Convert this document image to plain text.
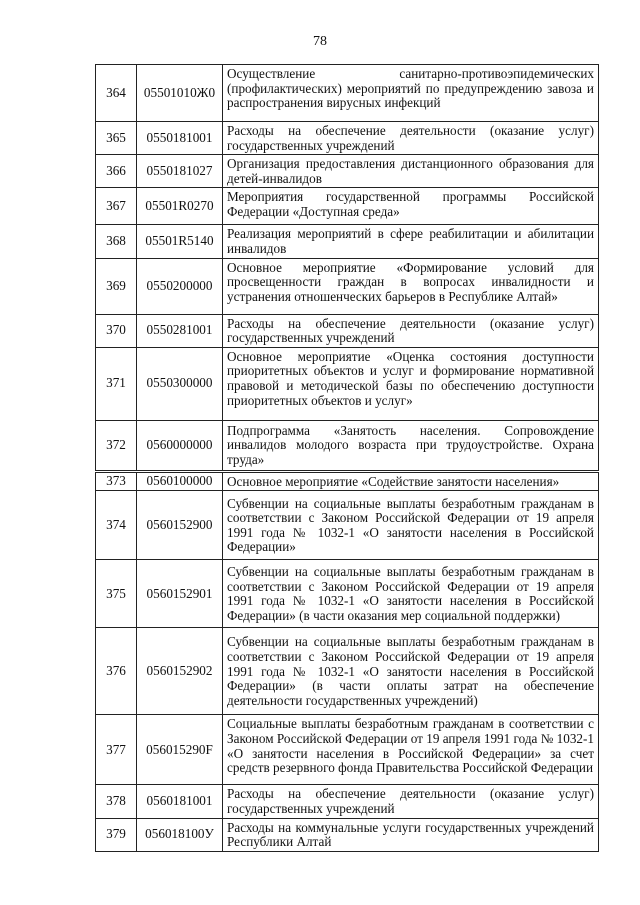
78
364	05501010Ж0	Осуществление санитарно-противоэпидемических (профилактических) мероприятий по предупреждению завоза и распространения вирусных инфекций
365	0550181001	Расходы на обеспечение деятельности (оказание услуг) государственных учреждений
366	0550181027	Организация предоставления дистанционного образования для детей-инвалидов
367	05501R0270	Мероприятия государственной программы Российской Федерации «Доступная среда»
368	05501R5140	Реализация мероприятий в сфере реабилитации и абилитации инвалидов
369	0550200000	Основное мероприятие «Формирование условий для просвещенности граждан в вопросах инвалидности и устранения отношенческих барьеров в Республике Алтай»
370	0550281001	Расходы на обеспечение деятельности (оказание услуг) государственных учреждений
371	0550300000	Основное мероприятие «Оценка состояния доступности приоритетных объектов и услуг и формирование нормативной правовой и методической базы по обеспечению доступности приоритетных объектов и услуг»
372	0560000000	Подпрограмма «Занятость населения. Сопровождение инвалидов молодого возраста при трудоустройстве. Охрана труда»
373	0560100000	Основное мероприятие «Содействие занятости населения»
374	0560152900	Субвенции на социальные выплаты безработным гражданам в соответствии с Законом Российской Федерации от 19 апреля 1991 года № 1032-1 «О занятости населения в Российской Федерации»
375	0560152901	Субвенции на социальные выплаты безработным гражданам в соответствии с Законом Российской Федерации от 19 апреля 1991 года № 1032-1 «О занятости населения в Российской Федерации» (в части оказания мер социальной поддержки)
376	0560152902	Субвенции на социальные выплаты безработным гражданам в соответствии с Законом Российской Федерации от 19 апреля 1991 года № 1032-1 «О занятости населения в Российской Федерации» (в части оплаты затрат на обеспечение деятельности государственных учреждений)
377	056015290F	Социальные выплаты безработным гражданам в соответствии с Законом Российской Федерации от 19 апреля 1991 года № 1032-1 «О занятости населения в Российской Федерации» за счет средств резервного фонда Правительства Российской Федерации
378	0560181001	Расходы на обеспечение деятельности (оказание услуг) государственных учреждений
379	056018100У	Расходы на коммунальные услуги государственных учреждений Республики Алтай
